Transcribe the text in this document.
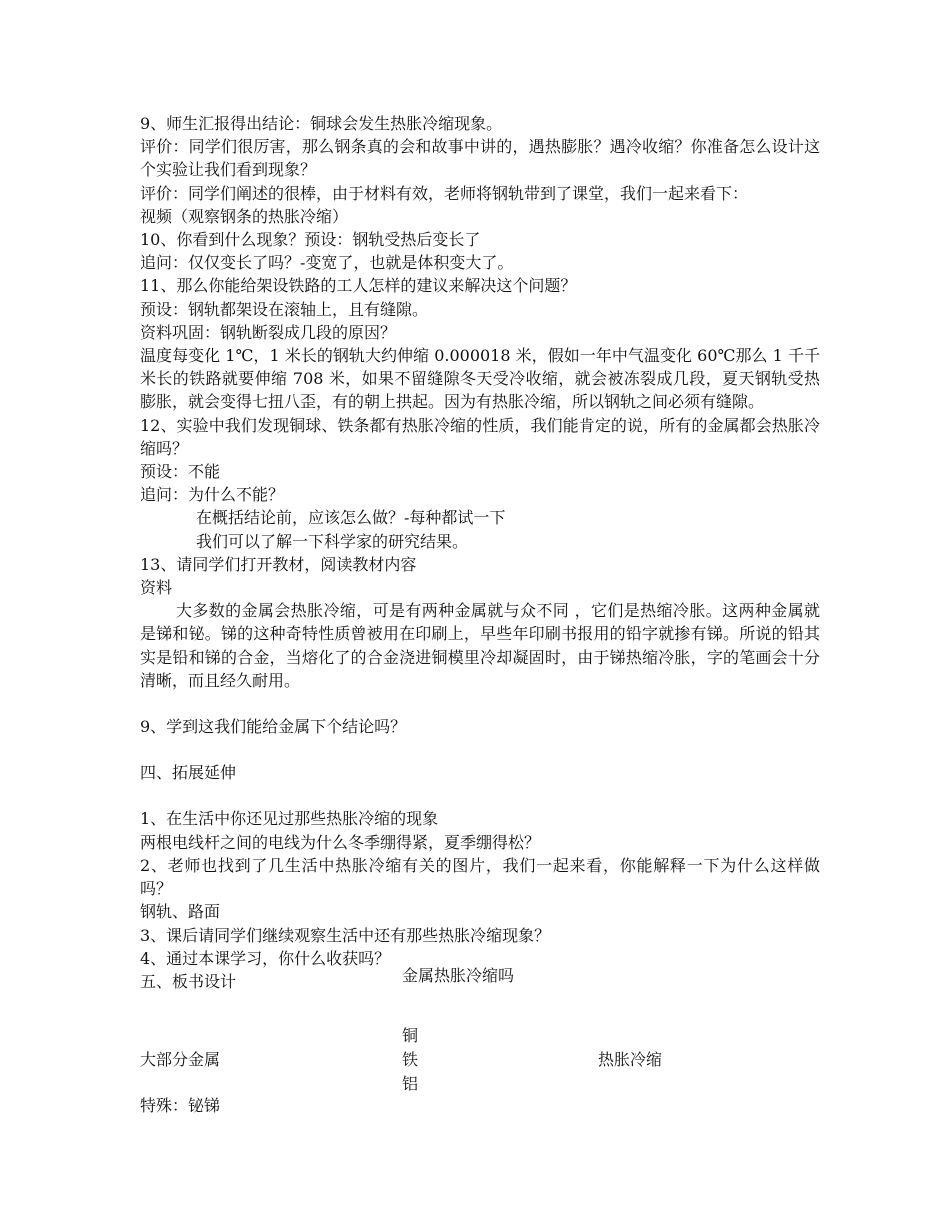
9、师生汇报得出结论：铜球会发生热胀冷缩现象。

评价：同学们很厉害，那么钢条真的会和故事中讲的，遇热膨胀？遇冷收缩？你准备怎么设计这个实验让我们看到现象？

评价：同学们阐述的很棒，由于材料有效，老师将钢轨带到了课堂，我们一起来看下：

视频（观察钢条的热胀冷缩）

10、你看到什么现象？预设：钢轨受热后变长了

追问：仅仅变长了吗？-变宽了，也就是体积变大了。

11、那么你能给架设铁路的工人怎样的建议来解决这个问题？

预设：钢轨都架设在滚轴上，且有缝隙。

资料巩固：钢轨断裂成几段的原因？

温度每变化 1℃，1 米长的钢轨大约伸缩 0.000018 米，假如一年中气温变化 60℃那么 1 千千米长的铁路就要伸缩 708 米，如果不留缝隙冬天受冷收缩，就会被冻裂成几段，夏天钢轨受热膨胀，就会变得七扭八歪，有的朝上拱起。因为有热胀冷缩，所以钢轨之间必须有缝隙。

12、实验中我们发现铜球、铁条都有热胀冷缩的性质，我们能肯定的说，所有的金属都会热胀冷缩吗？

预设：不能

追问：为什么不能？

在概括结论前，应该怎么做？-每种都试一下

我们可以了解一下科学家的研究结果。

13、请同学们打开教材，阅读教材内容

资料

大多数的金属会热胀冷缩，可是有两种金属就与众不同 ，它们是热缩冷胀。这两种金属就是锑和铋。锑的这种奇特性质曾被用在印刷上，早些年印刷书报用的铅字就掺有锑。所说的铅其实是铅和锑的合金，当熔化了的合金浇进铜模里冷却凝固时，由于锑热缩冷胀，字的笔画会十分清晰，而且经久耐用。

9、学到这我们能给金属下个结论吗？

四、拓展延伸

1、在生活中你还见过那些热胀冷缩的现象

两根电线杆之间的电线为什么冬季绷得紧，夏季绷得松？

2、老师也找到了几生活中热胀冷缩有关的图片，我们一起来看，你能解释一下为什么这样做吗？

钢轨、路面

3、课后请同学们继续观察生活中还有那些热胀冷缩现象？

4、通过本课学习，你什么收获吗？

五、板书设计	金属热胀冷缩吗
铜
铁
铝
大部分金属	热胀冷缩
特殊：铋锑
